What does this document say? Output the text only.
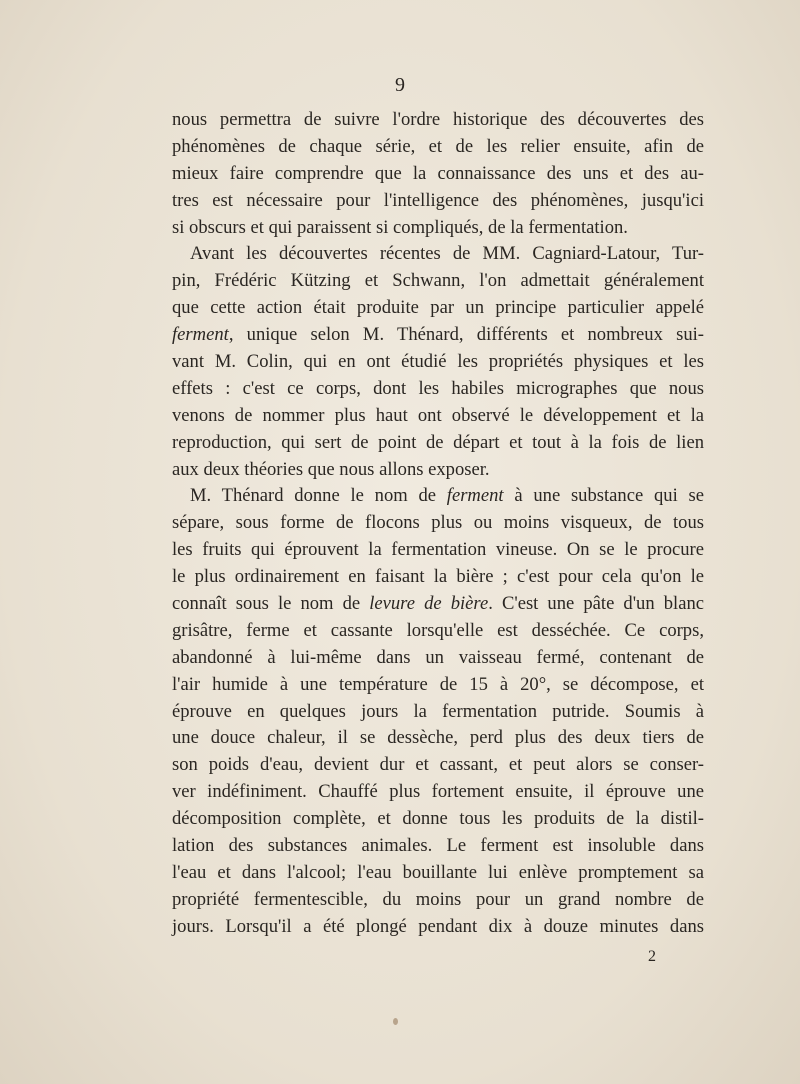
9
nous permettra de suivre l'ordre historique des découvertes des
phénomènes de chaque série, et de les relier ensuite, afin de
mieux faire comprendre que la connaissance des uns et des au-
tres est nécessaire pour l'intelligence des phénomènes, jusqu'ici
si obscurs et qui paraissent si compliqués, de la fermentation.
Avant les découvertes récentes de MM. Cagniard-Latour, Tur-
pin, Frédéric Kützing et Schwann, l'on admettait généralement
que cette action était produite par un principe particulier appelé
ferment, unique selon M. Thénard, différents et nombreux sui-
vant M. Colin, qui en ont étudié les propriétés physiques et les
effets : c'est ce corps, dont les habiles micrographes que nous
venons de nommer plus haut ont observé le développement et la
reproduction, qui sert de point de départ et tout à la fois de lien
aux deux théories que nous allons exposer.
M. Thénard donne le nom de ferment à une substance qui se
sépare, sous forme de flocons plus ou moins visqueux, de tous
les fruits qui éprouvent la fermentation vineuse. On se le procure
le plus ordinairement en faisant la bière ; c'est pour cela qu'on le
connaît sous le nom de levure de bière. C'est une pâte d'un blanc
grisâtre, ferme et cassante lorsqu'elle est desséchée. Ce corps,
abandonné à lui-même dans un vaisseau fermé, contenant de
l'air humide à une température de 15 à 20°, se décompose, et
éprouve en quelques jours la fermentation putride. Soumis à
une douce chaleur, il se dessèche, perd plus des deux tiers de
son poids d'eau, devient dur et cassant, et peut alors se conser-
ver indéfiniment. Chauffé plus fortement ensuite, il éprouve une
décomposition complète, et donne tous les produits de la distil-
lation des substances animales. Le ferment est insoluble dans
l'eau et dans l'alcool; l'eau bouillante lui enlève promptement sa
propriété fermentescible, du moins pour un grand nombre de
jours. Lorsqu'il a été plongé pendant dix à douze minutes dans
2
